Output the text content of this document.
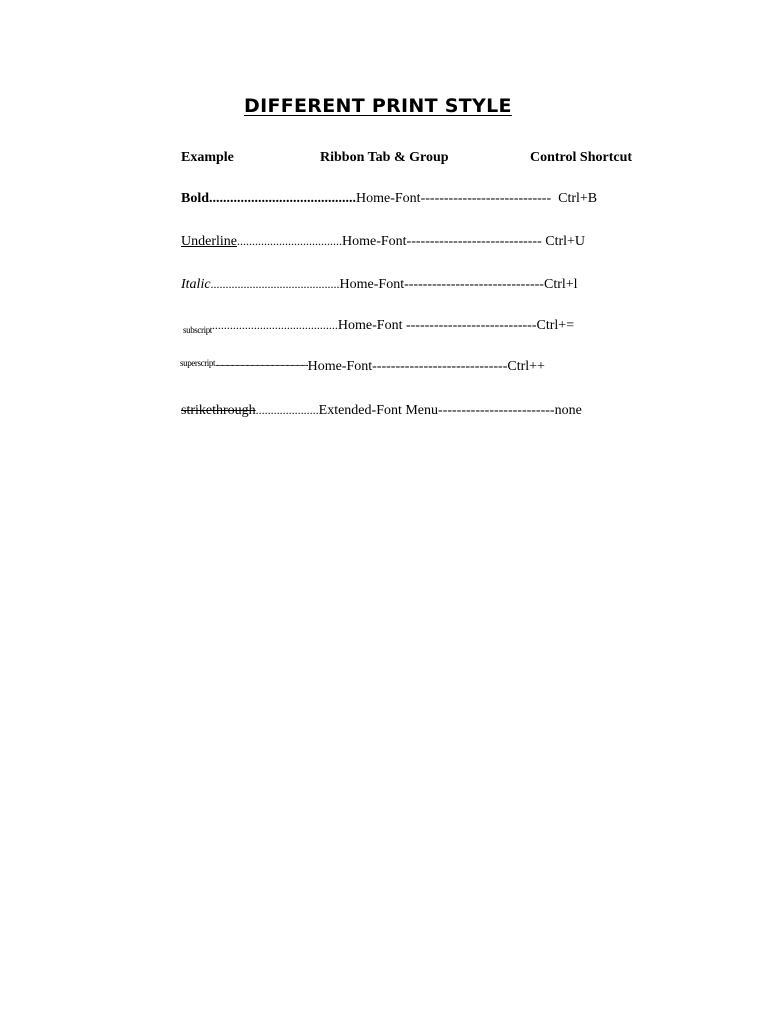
DIFFERENT PRINT STYLE
Example	Ribbon Tab & Group	Control Shortcut
Bold..........................................Home-Font----------------------------  Ctrl+B
Underline...................................Home-Font----------------------------- Ctrl+U
Italic...........................................Home-Font------------------------------Ctrl+l
$_{subscript}$..........................................Home-Font ----------------------------Ctrl+=
$^{superscript..........................................................................}$Home-Font-----------------------------Ctrl++
strikethrough.....................Extended-Font Menu-------------------------none
